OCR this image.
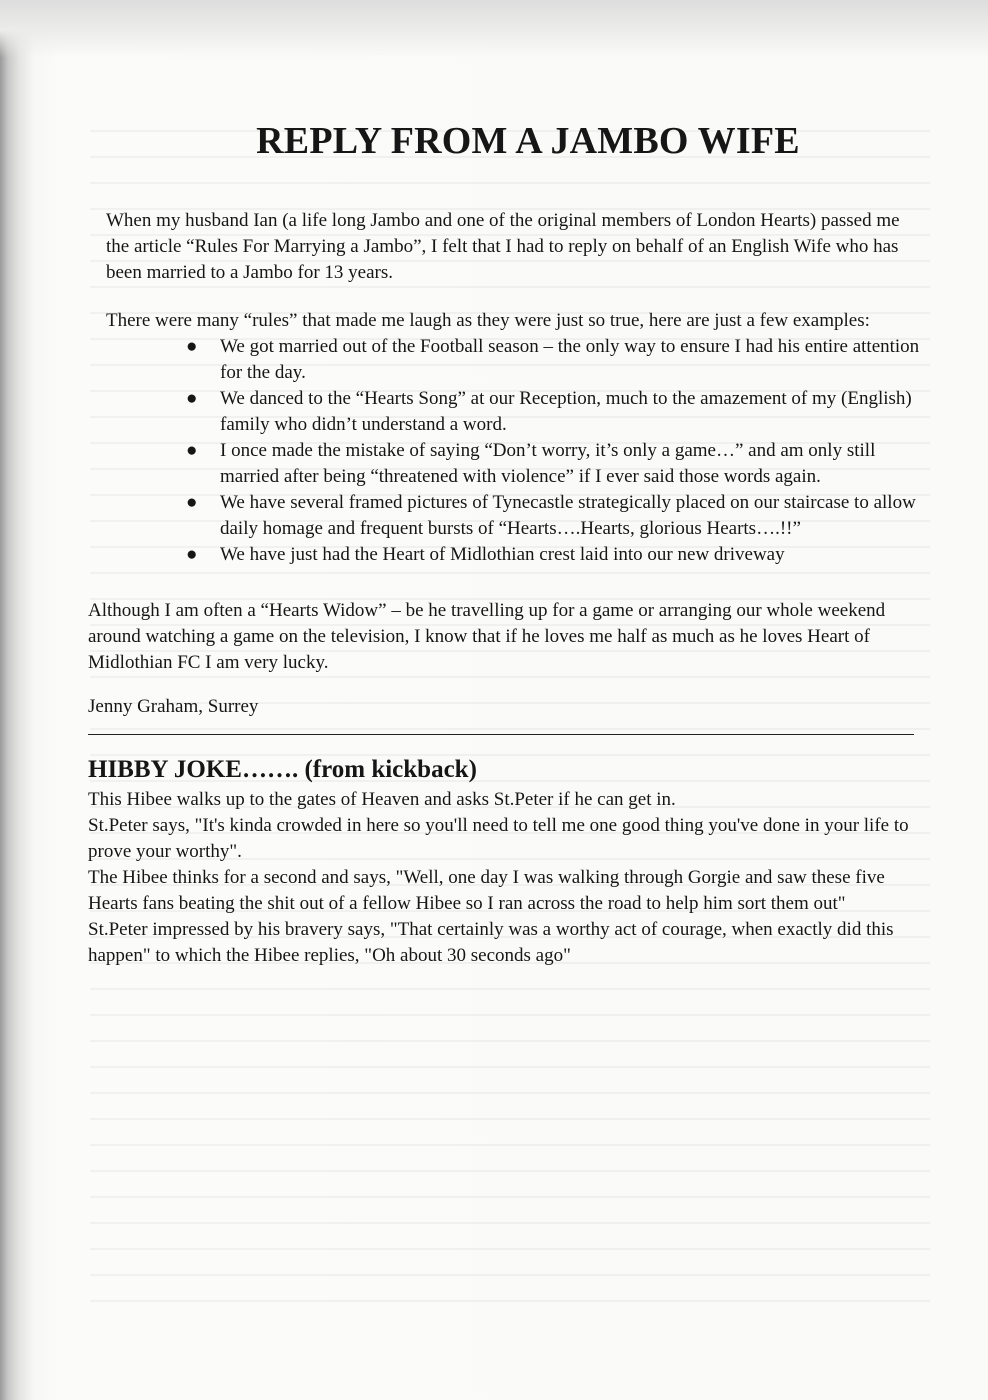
REPLY FROM A JAMBO WIFE
When my husband Ian (a life long Jambo and one of the original members of London Hearts) passed me the article “Rules For Marrying a Jambo”, I felt that I had to reply on behalf of an English Wife who has been married to a Jambo for 13 years.
There were many “rules” that made me laugh as they were just so true, here are just a few examples:
● We got married out of the Football season – the only way to ensure I had his entire attention for the day.
● We danced to the “Hearts Song” at our Reception, much to the amazement of my (English) family who didn’t understand a word.
● I once made the mistake of saying “Don’t worry, it’s only a game…” and am only still married after being “threatened with violence” if I ever said those words again.
● We have several framed pictures of Tynecastle strategically placed on our staircase to allow daily homage and frequent bursts of “Hearts….Hearts, glorious Hearts….!!”
● We have just had the Heart of Midlothian crest laid into our new driveway
Although I am often a “Hearts Widow” – be he travelling up for a game or arranging our whole weekend around watching a game on the television, I know that if he loves me half as much as he loves Heart of Midlothian FC I am very lucky.
Jenny Graham, Surrey
HIBBY JOKE……. (from kickback)
This Hibee walks up to the gates of Heaven and asks St.Peter if he can get in.
St.Peter says, "It's kinda crowded in here so you'll need to tell me one good thing you've done in your life to prove your worthy".
The Hibee thinks for a second and says, "Well, one day I was walking through Gorgie and saw these five Hearts fans beating the shit out of a fellow Hibee so I ran across the road to help him sort them out"
St.Peter impressed by his bravery says, "That certainly was a worthy act of courage, when exactly did this happen" to which the Hibee replies, "Oh about 30 seconds ago"
